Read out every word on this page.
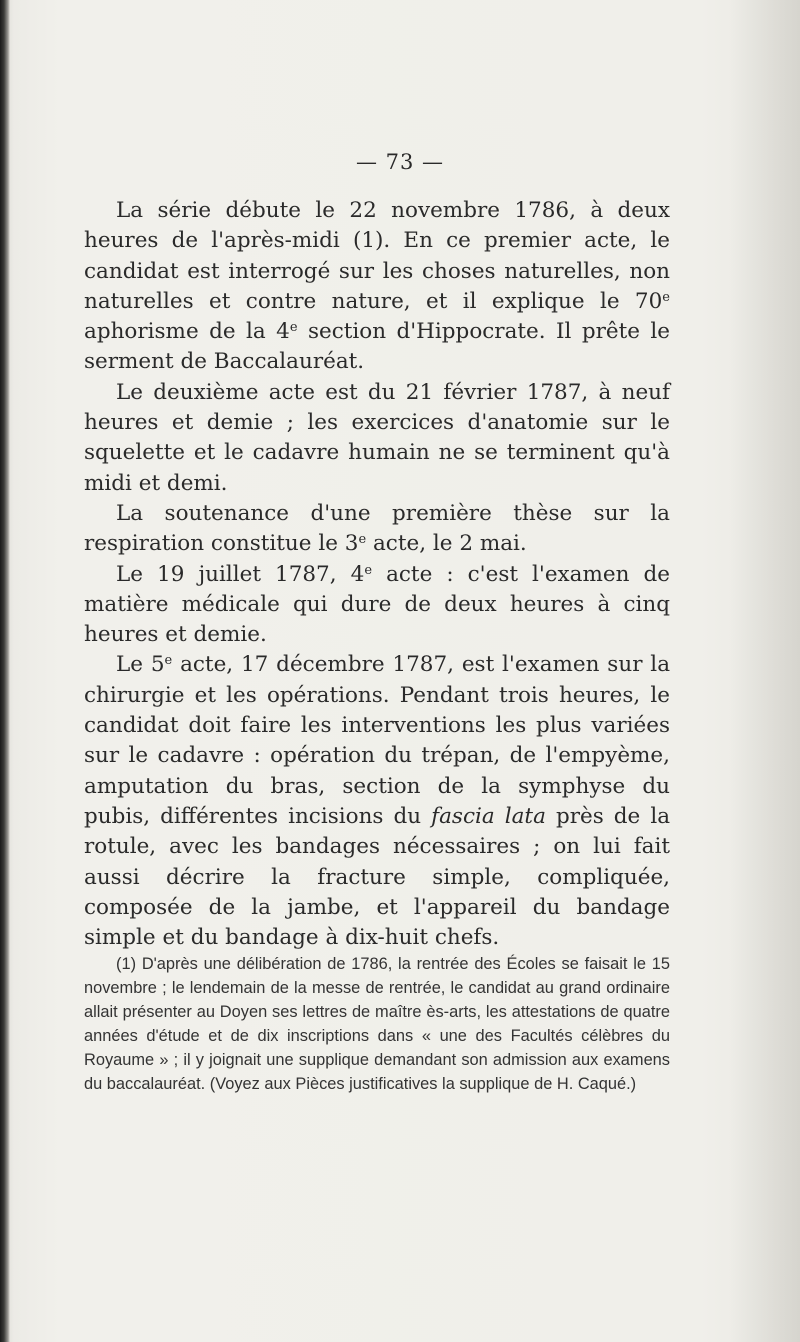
— 73 —

La série débute le 22 novembre 1786, à deux heures de l'après-midi (1). En ce premier acte, le candidat est interrogé sur les choses naturelles, non naturelles et contre nature, et il explique le 70e aphorisme de la 4e section d'Hippocrate. Il prête le serment de Baccalauréat.

Le deuxième acte est du 21 février 1787, à neuf heures et demie ; les exercices d'anatomie sur le squelette et le cadavre humain ne se terminent qu'à midi et demi.

La soutenance d'une première thèse sur la respiration constitue le 3e acte, le 2 mai.

Le 19 juillet 1787, 4e acte : c'est l'examen de matière médicale qui dure de deux heures à cinq heures et demie.

Le 5e acte, 17 décembre 1787, est l'examen sur la chirurgie et les opérations. Pendant trois heures, le candidat doit faire les interventions les plus variées sur le cadavre : opération du trépan, de l'empyème, amputation du bras, section de la symphyse du pubis, différentes incisions du fascia lata près de la rotule, avec les bandages nécessaires ; on lui fait aussi décrire la fracture simple, compliquée, composée de la jambe, et l'appareil du bandage simple et du bandage à dix-huit chefs.

(1) D'après une délibération de 1786, la rentrée des Écoles se faisait le 15 novembre ; le lendemain de la messe de rentrée, le candidat au grand ordinaire allait présenter au Doyen ses lettres de maître ès-arts, les attestations de quatre années d'étude et de dix inscriptions dans « une des Facultés célèbres du Royaume » ; il y joignait une supplique demandant son admission aux examens du baccalauréat. (Voyez aux Pièces justificatives la supplique de H. Caqué.)
